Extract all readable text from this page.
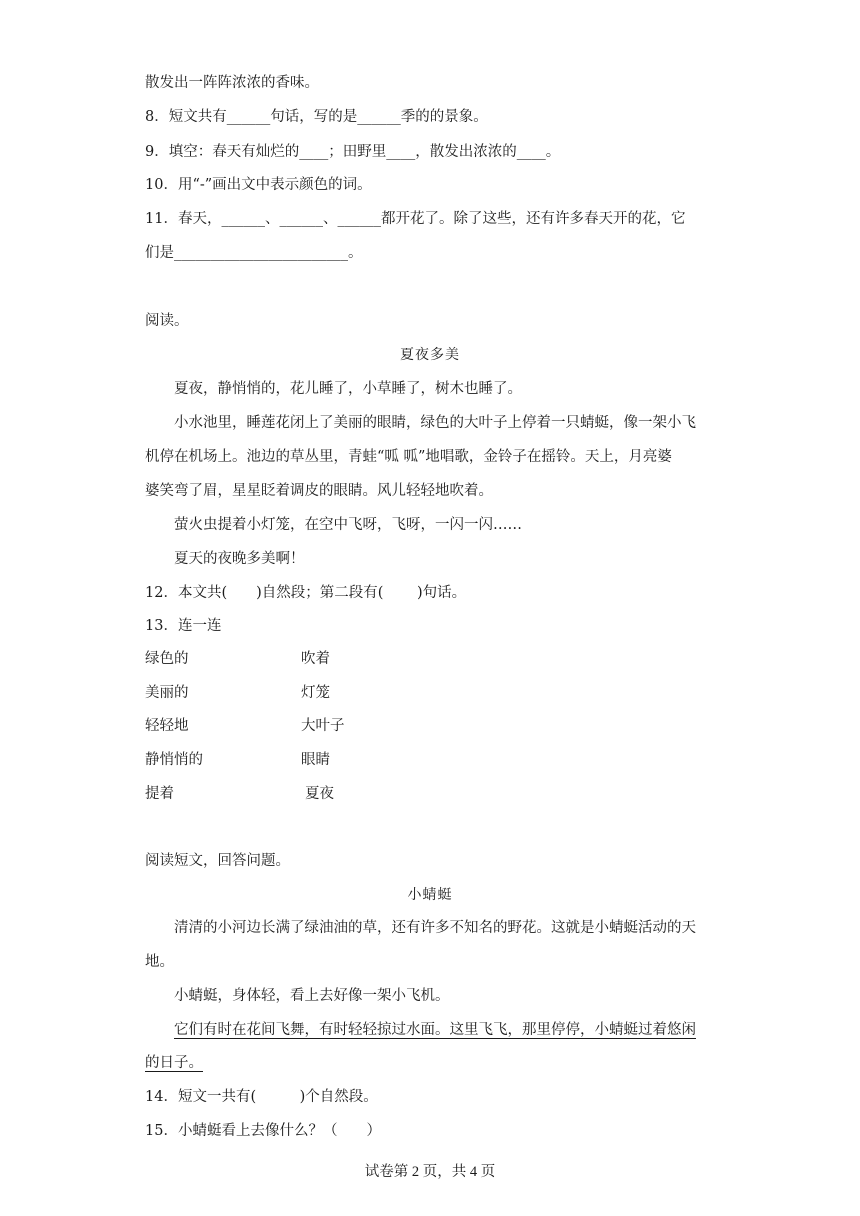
散发出一阵阵浓浓的香味。
8．短文共有______句话，写的是______季的的景象。
9．填空：春天有灿烂的____；田野里____，散发出浓浓的____。
10．用“-”画出文中表示颜色的词。
11．春天，______、______、______都开花了。除了这些，还有许多春天开的花，它
们是________________________。
阅读。
夏夜多美
夏夜，静悄悄的，花儿睡了，小草睡了，树木也睡了。
小水池里，睡莲花闭上了美丽的眼睛，绿色的大叶子上停着一只蜻蜓，像一架小飞
机停在机场上。池边的草丛里，青蛙“呱 呱”地唱歌，金铃子在摇铃。天上，月亮婆
婆笑弯了眉，星星眨着调皮的眼睛。风儿轻轻地吹着。
萤火虫提着小灯笼，在空中飞呀，飞呀，一闪一闪……
夏天的夜晚多美啊！
12．本文共(　　)自然段；第二段有(　　 )句话。
13．连一连
绿色的
美丽的
轻轻地
静悄悄的
提着
吹着
灯笼
大叶子
眼睛
夏夜
阅读短文，回答问题。
小蜻蜓
清清的小河边长满了绿油油的草，还有许多不知名的野花。这就是小蜻蜓活动的天
地。
小蜻蜓，身体轻，看上去好像一架小飞机。
它们有时在花间飞舞，有时轻轻掠过水面。这里飞飞，那里停停，小蜻蜓过着悠闲
的日子。
14．短文一共有(　　　)个自然段。
15．小蜻蜓看上去像什么？（　　）
试卷第 2 页，共 4 页
